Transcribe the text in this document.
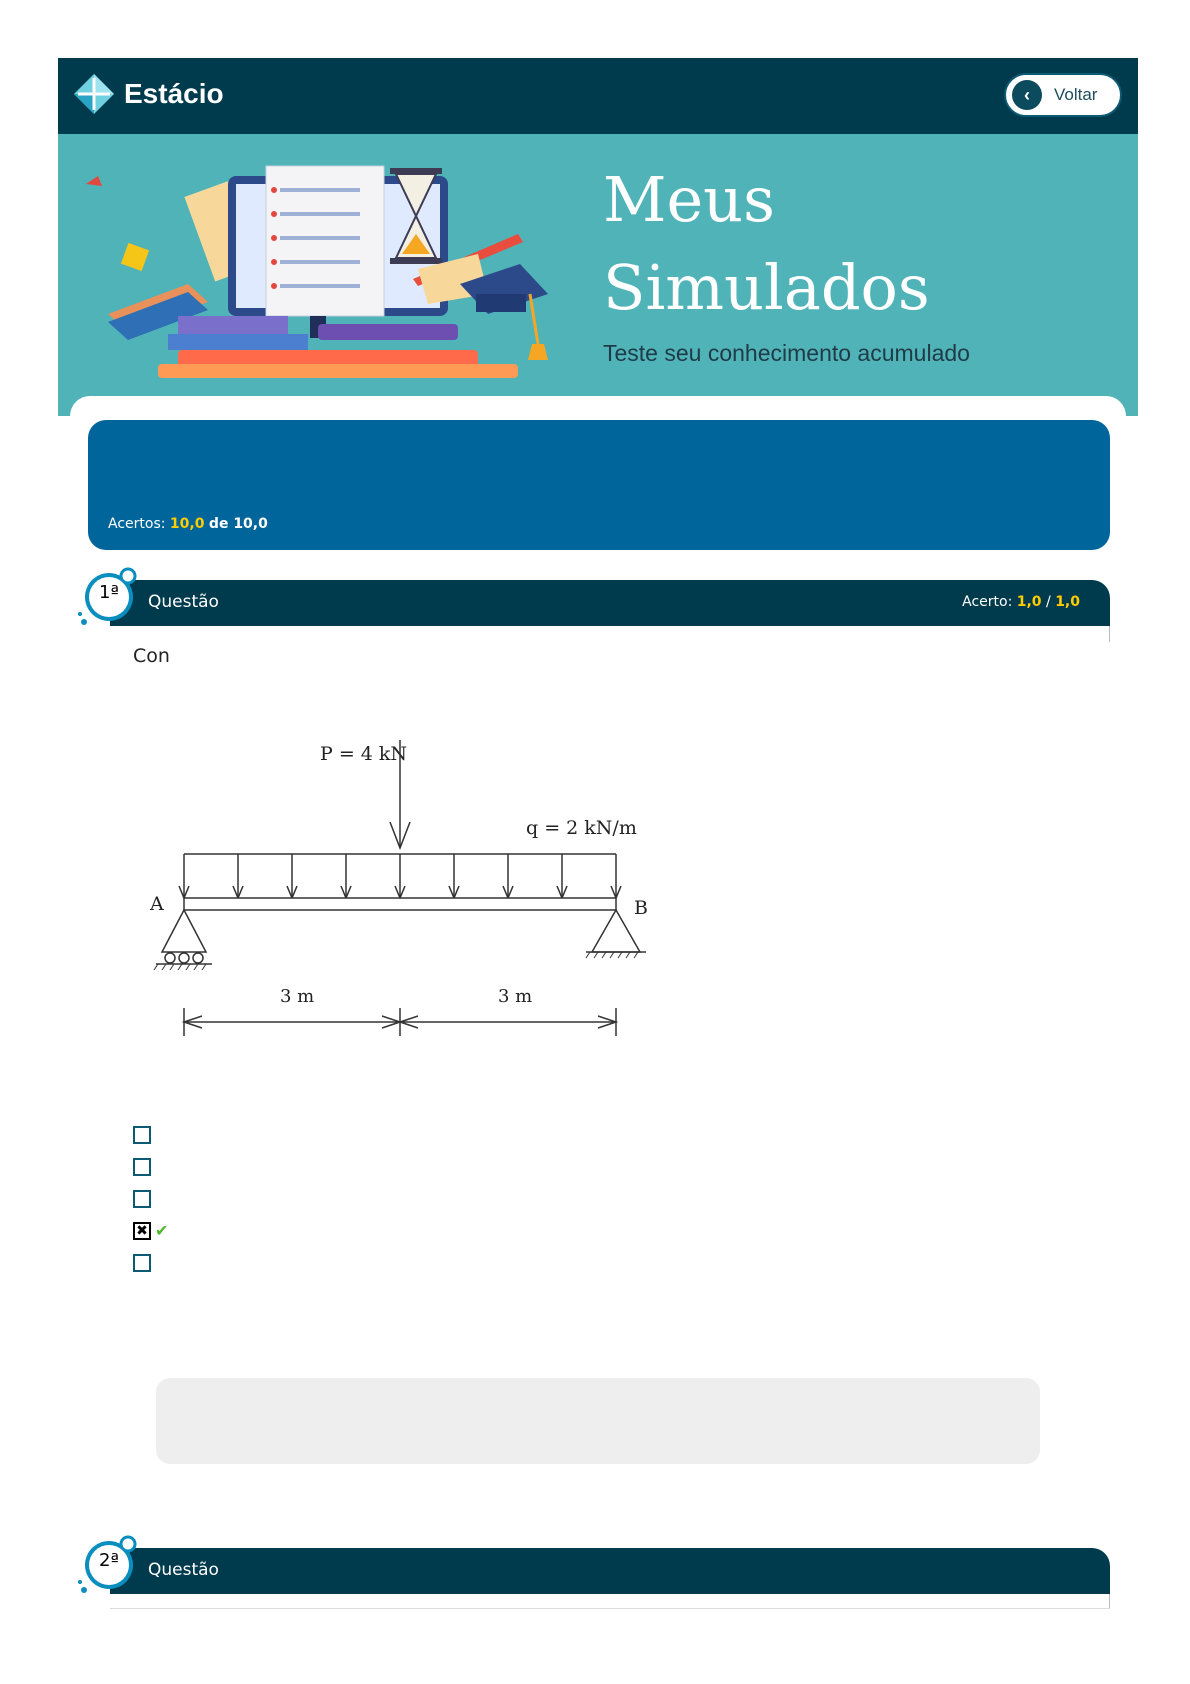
Estácio	‹	Voltar
Meus
Simulados
Teste seu conhecimento acumulado
Acertos: 10,0 de 10,0
Questão	Acerto: 1,0 / 1,0
1ª
Con
P = 4 kN
q = 2 kN/m
A	B
3 m	3 m
✖ ✔
Questão
2ª
